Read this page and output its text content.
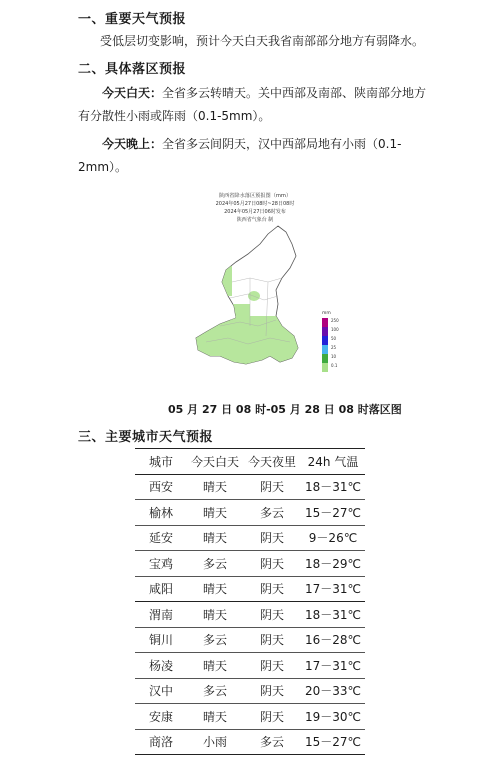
一、重要天气预报
受低层切变影响，预计今天白天我省南部部分地方有弱降水。
二、具体落区预报
今天白天：全省多云转晴天。关中西部及南部、陕南部分地方有分散性小雨或阵雨（0.1-5mm）。
今天晚上：全省多云间阴天，汉中西部局地有小雨（0.1-2mm）。
陕西省降水落区预报图（mm）
2024年05月27日08时~28日08时
2024年05月27日06时发布
陕西省气象台 制
mm
250
100
50
25
10
0.1
05 月 27 日 08 时-05 月 28 日 08 时落区图
三、主要城市天气预报
城市	今天白天	今天夜里	24h 气温
西安	晴天	阴天	18－31℃
榆林	晴天	多云	15－27℃
延安	晴天	阴天	9－26℃
宝鸡	多云	阴天	18－29℃
咸阳	晴天	阴天	17－31℃
渭南	晴天	阴天	18－31℃
铜川	多云	阴天	16－28℃
杨凌	晴天	阴天	17－31℃
汉中	多云	阴天	20－33℃
安康	晴天	阴天	19－30℃
商洛	小雨	多云	15－27℃
